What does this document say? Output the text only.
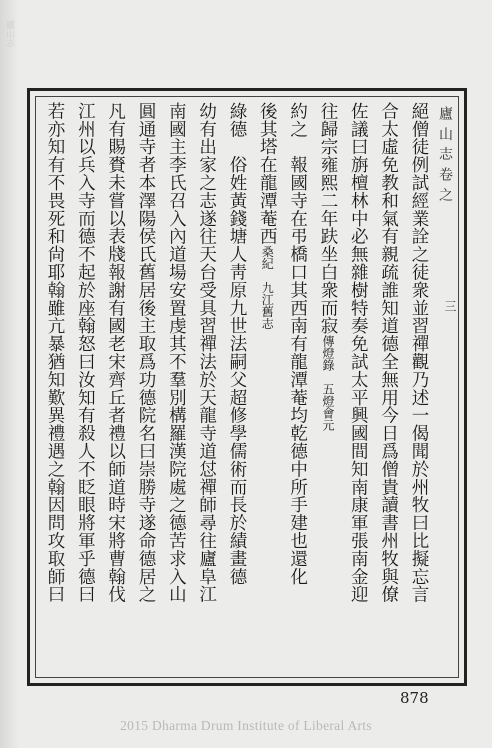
廬山志
廬 山 志 卷 之
三
絕僧徒例試經業詮之徒衆並習禪觀乃述一偈聞於州牧曰比擬忘言
合太虛免教和氣有親疏誰知道德全無用今日爲僧貴讀書州牧與僚
佐議曰旃檀林中必無雜樹特奏免試太平興國間知南康軍張南金迎
往歸宗雍熙二年趺坐白衆而寂傳燈錄　五燈會元
約之　報國寺在弔橋口其西南有龍潭菴均乾德中所手建也還化
後其塔在龍潭菴西桑紀　九江舊志
綠德　俗姓黃錢塘人靑原九世法嗣父超修學儒術而長於績畫德
幼有出家之志遂往天台受具習禪法於天龍寺道怤禪師尋往廬阜江
南國主李氏召入內道場安置虔其不羣別構羅漢院處之德苦求入山
圓通寺者本澤陽侯氏舊居後主取爲功德院名曰崇勝寺遂命德居之
凡有賜賚未嘗以表牋報謝有國老宋齊丘者禮以師道時宋將曹翰伐
江州以兵入寺而德不起於座翰怒曰汝知有殺人不眨眼將軍乎德曰
若亦知有不畏死和尙耶翰雖亢暴猶知歎異禮遇之翰因問攻取師曰
878
2015 Dharma Drum Institute of Liberal Arts
